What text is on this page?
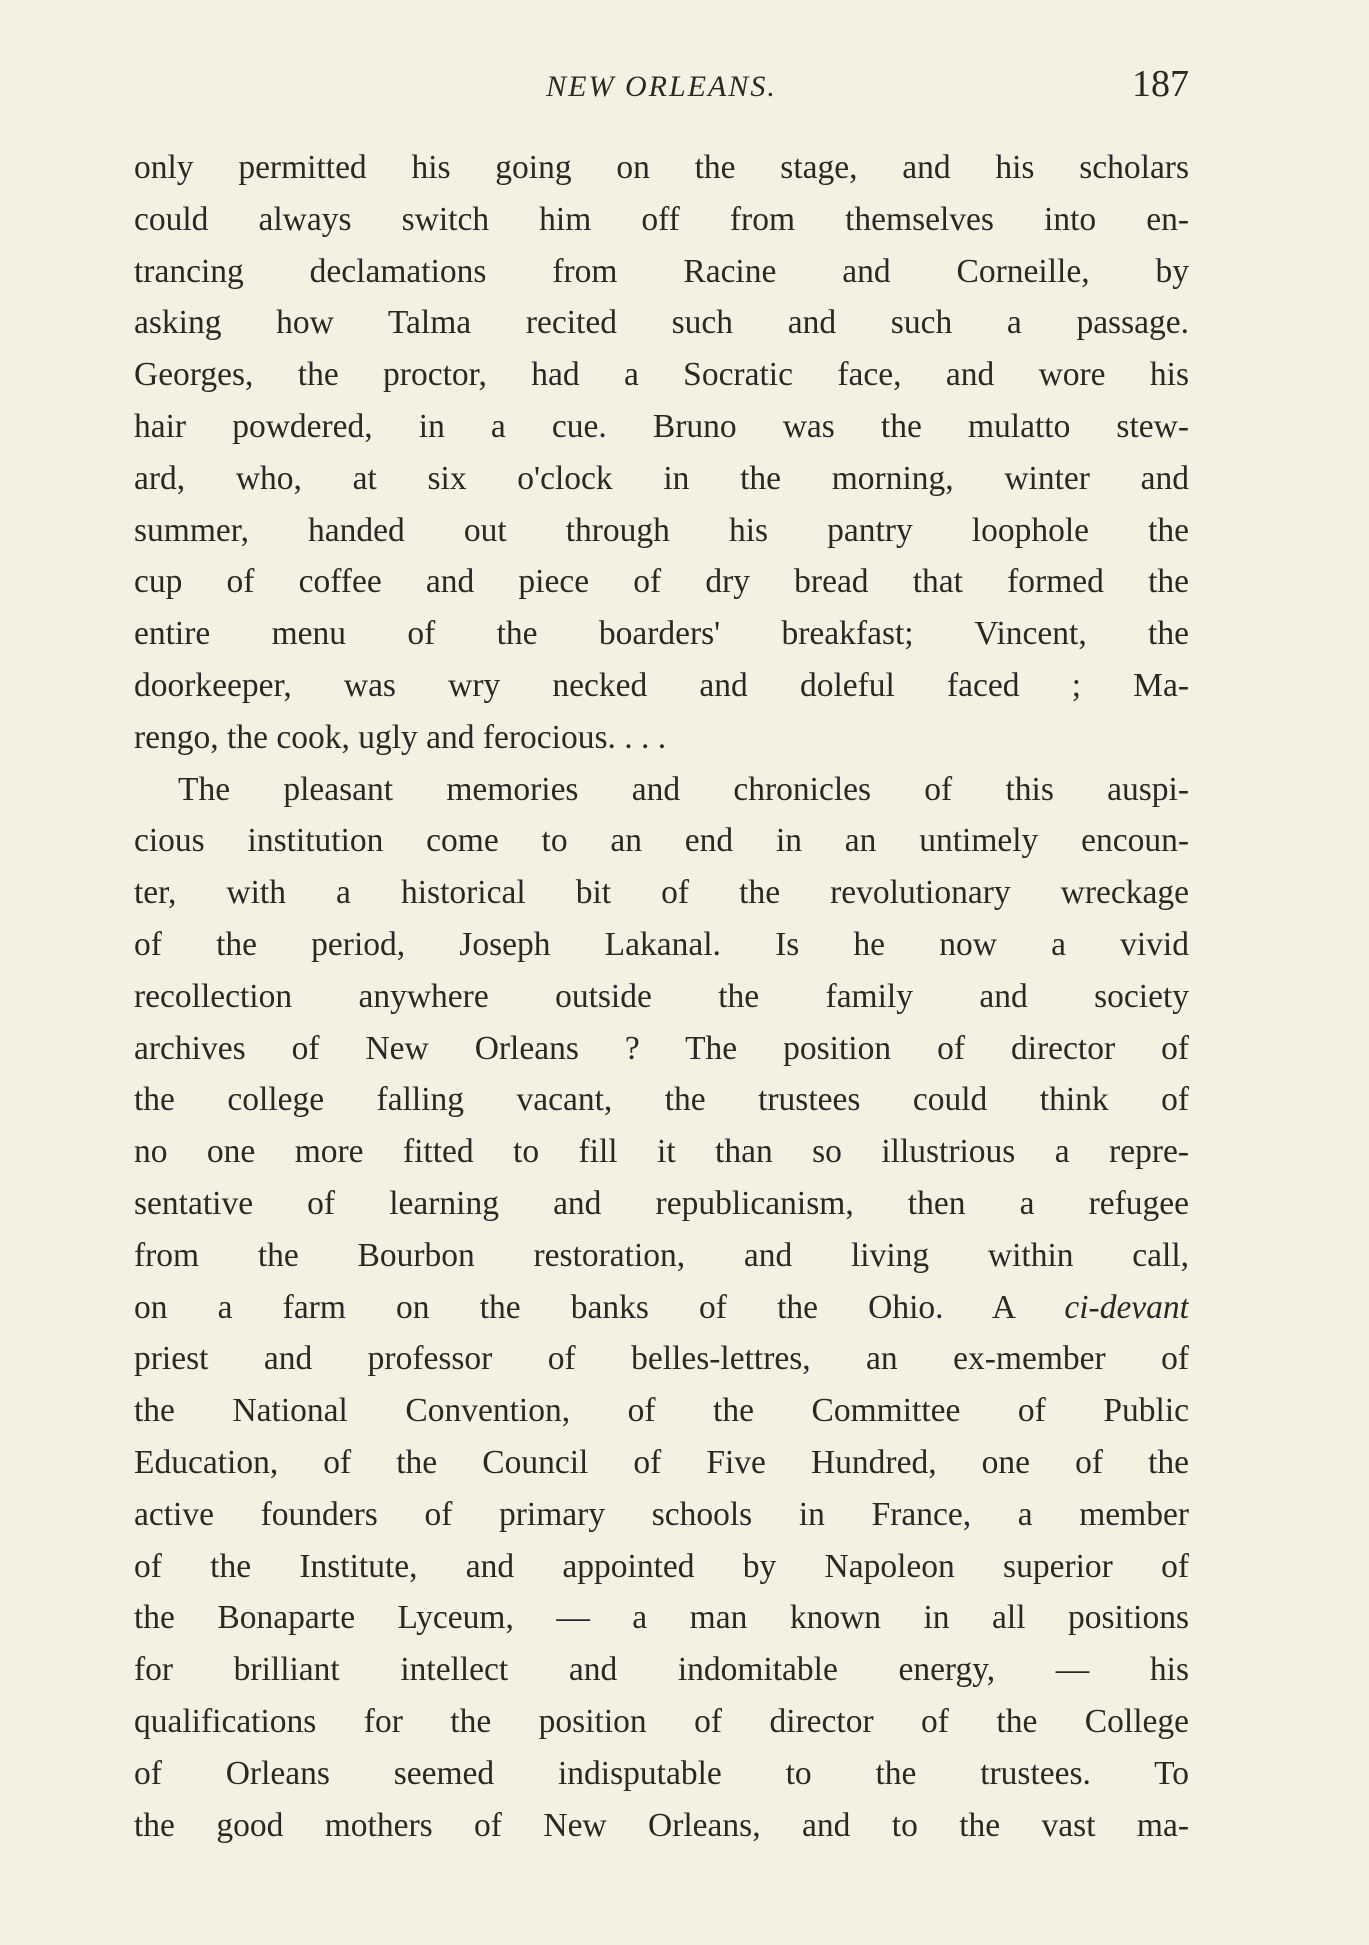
NEW ORLEANS.	187
only permitted his going on the stage, and his scholars
could always switch him off from themselves into en-
trancing declamations from Racine and Corneille, by
asking how Talma recited such and such a passage.
Georges, the proctor, had a Socratic face, and wore his
hair powdered, in a cue. Bruno was the mulatto stew-
ard, who, at six o'clock in the morning, winter and
summer, handed out through his pantry loophole the
cup of coffee and piece of dry bread that formed the
entire menu of the boarders' breakfast; Vincent, the
doorkeeper, was wry necked and doleful faced ; Ma-
rengo, the cook, ugly and ferocious. . . .
The pleasant memories and chronicles of this auspi-
cious institution come to an end in an untimely encoun-
ter, with a historical bit of the revolutionary wreckage
of the period, Joseph Lakanal. Is he now a vivid
recollection anywhere outside the family and society
archives of New Orleans ? The position of director of
the college falling vacant, the trustees could think of
no one more fitted to fill it than so illustrious a repre-
sentative of learning and republicanism, then a refugee
from the Bourbon restoration, and living within call,
on a farm on the banks of the Ohio. A ci-devant
priest and professor of belles-lettres, an ex-member of
the National Convention, of the Committee of Public
Education, of the Council of Five Hundred, one of the
active founders of primary schools in France, a member
of the Institute, and appointed by Napoleon superior of
the Bonaparte Lyceum, — a man known in all positions
for brilliant intellect and indomitable energy, — his
qualifications for the position of director of the College
of Orleans seemed indisputable to the trustees. To
the good mothers of New Orleans, and to the vast ma-
